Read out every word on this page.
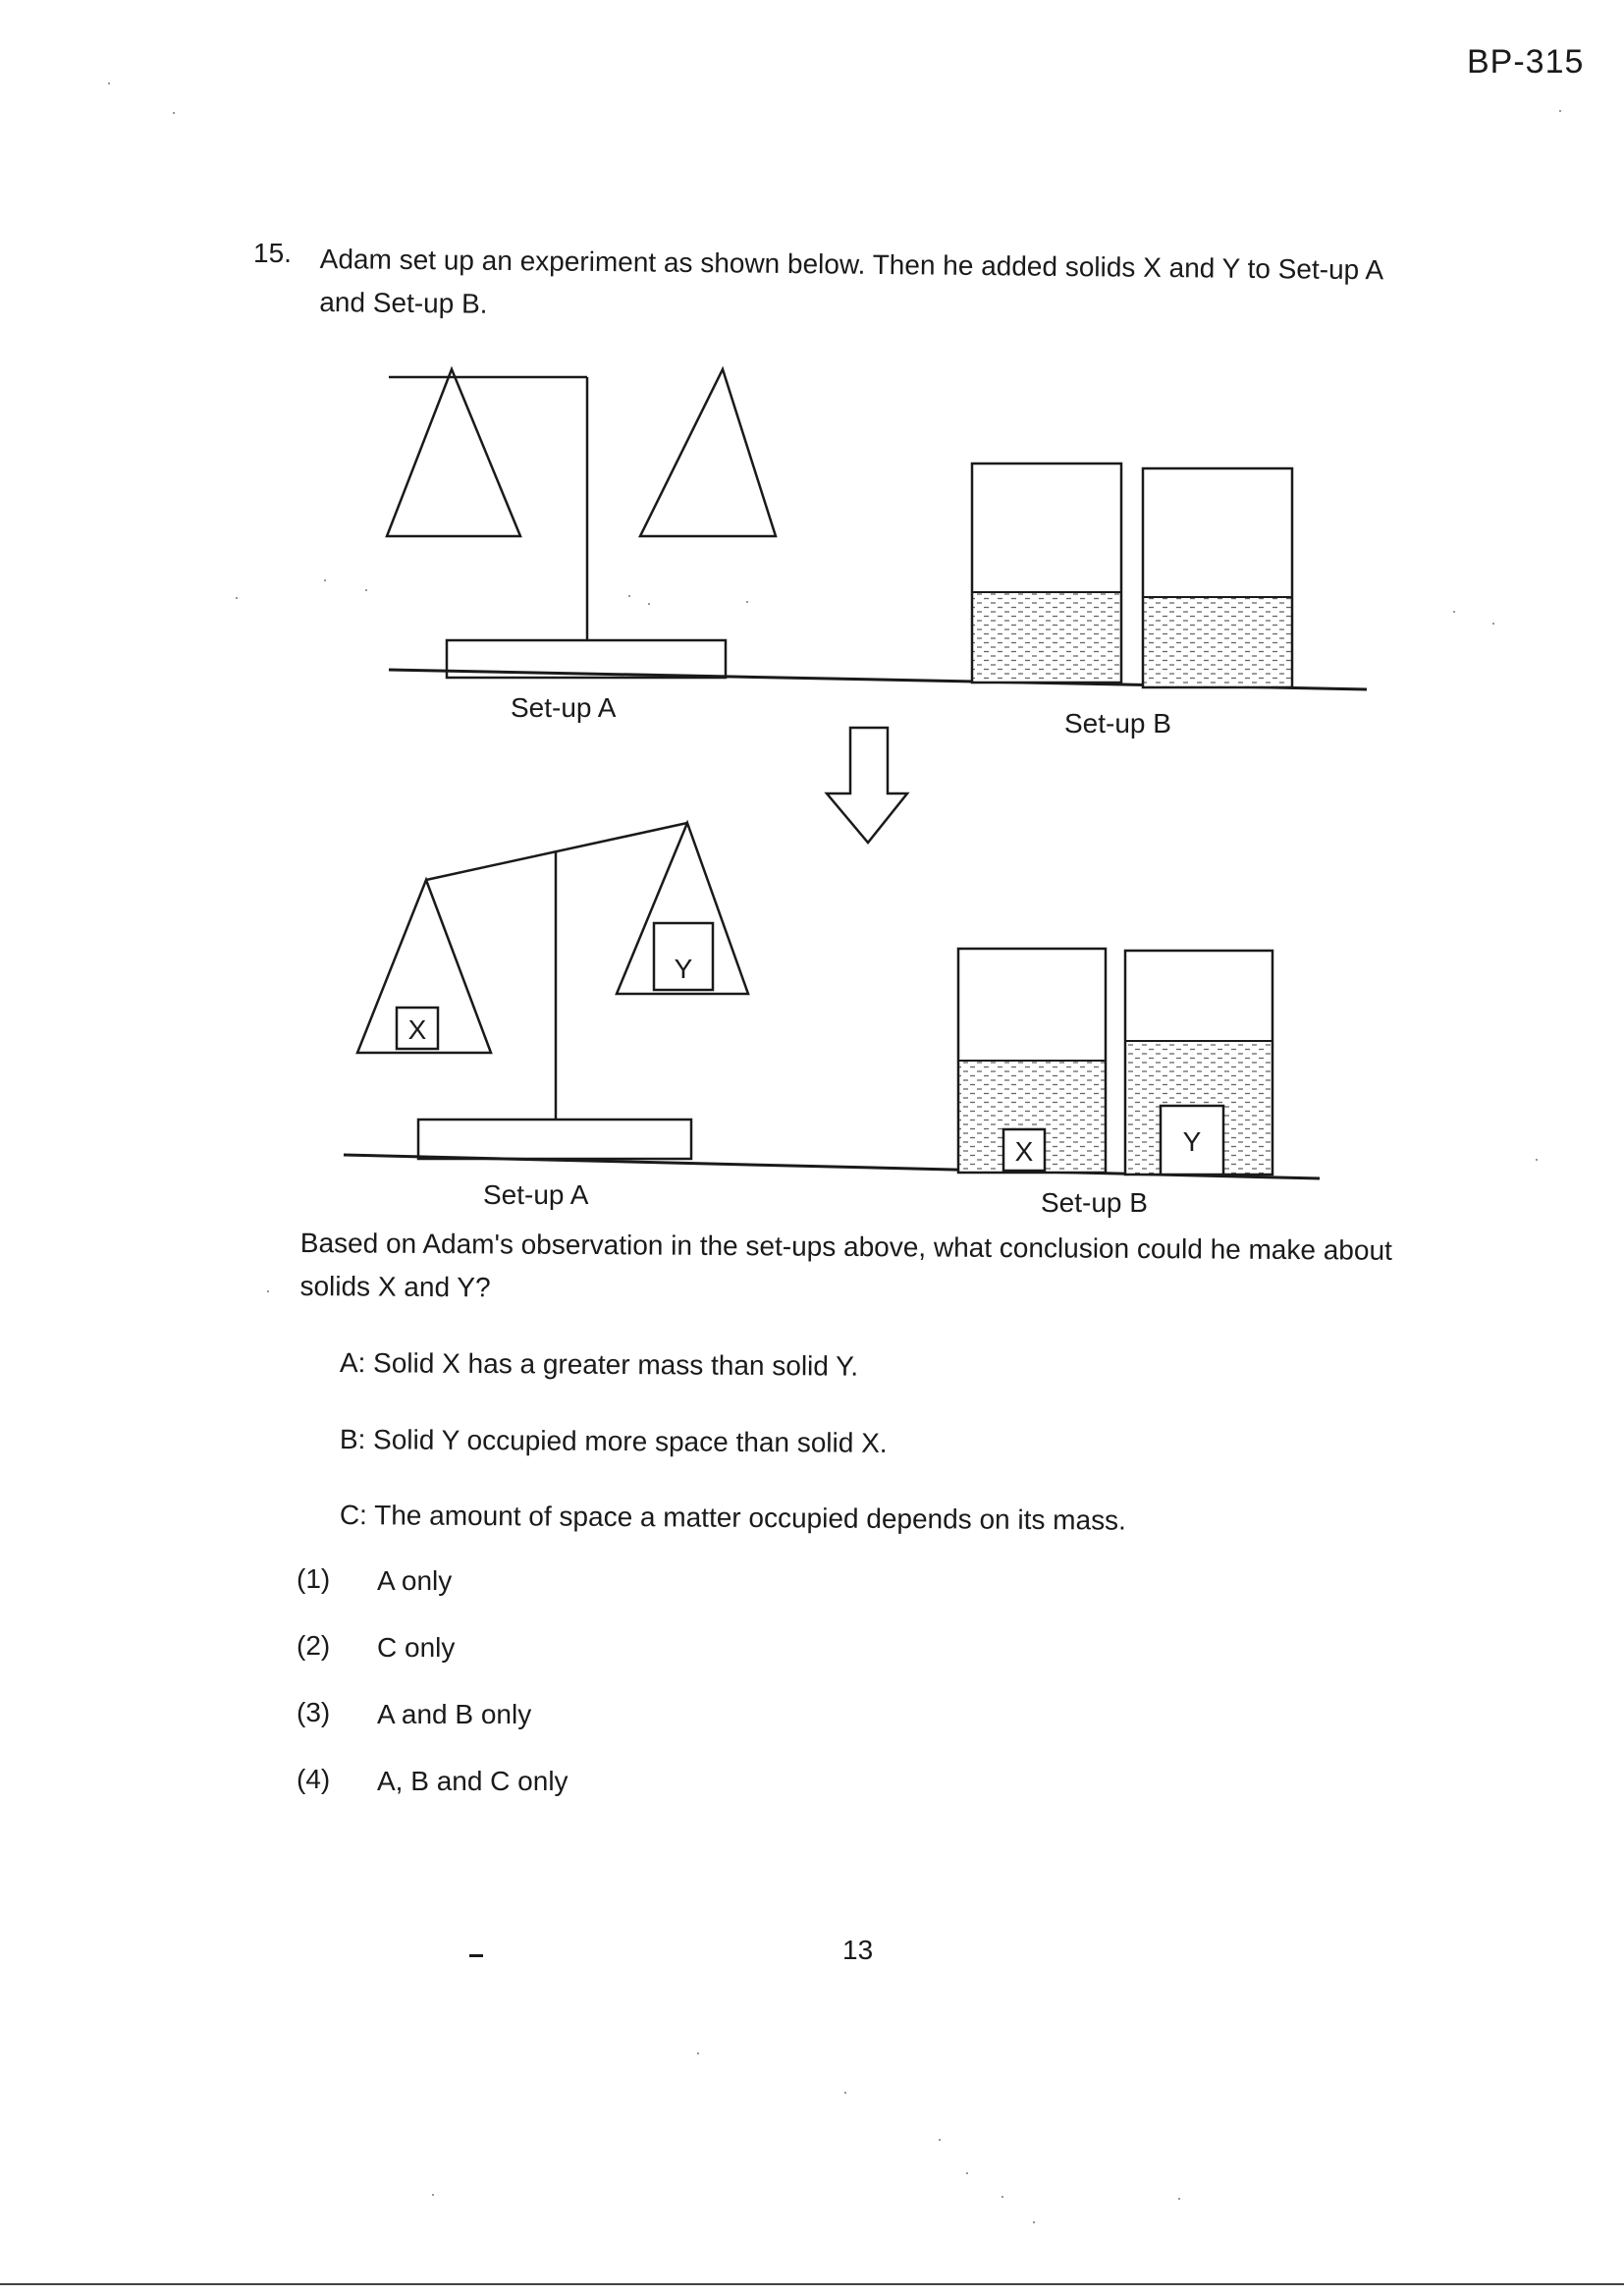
BP-315
15. Adam set up an experiment as shown below. Then he added solids X and Y to Set-up A
and Set-up B.
Set-up A
Set-up B
X
Y
X	Y
Set-up A	Set-up B
Based on Adam's observation in the set-ups above, what conclusion could he make about
solids X and Y?
A: Solid X has a greater mass than solid Y.
B: Solid Y occupied more space than solid X.
C: The amount of space a matter occupied depends on its mass.
(1) A only
(2) C only
(3) A and B only
(4) A, B and C only
13
